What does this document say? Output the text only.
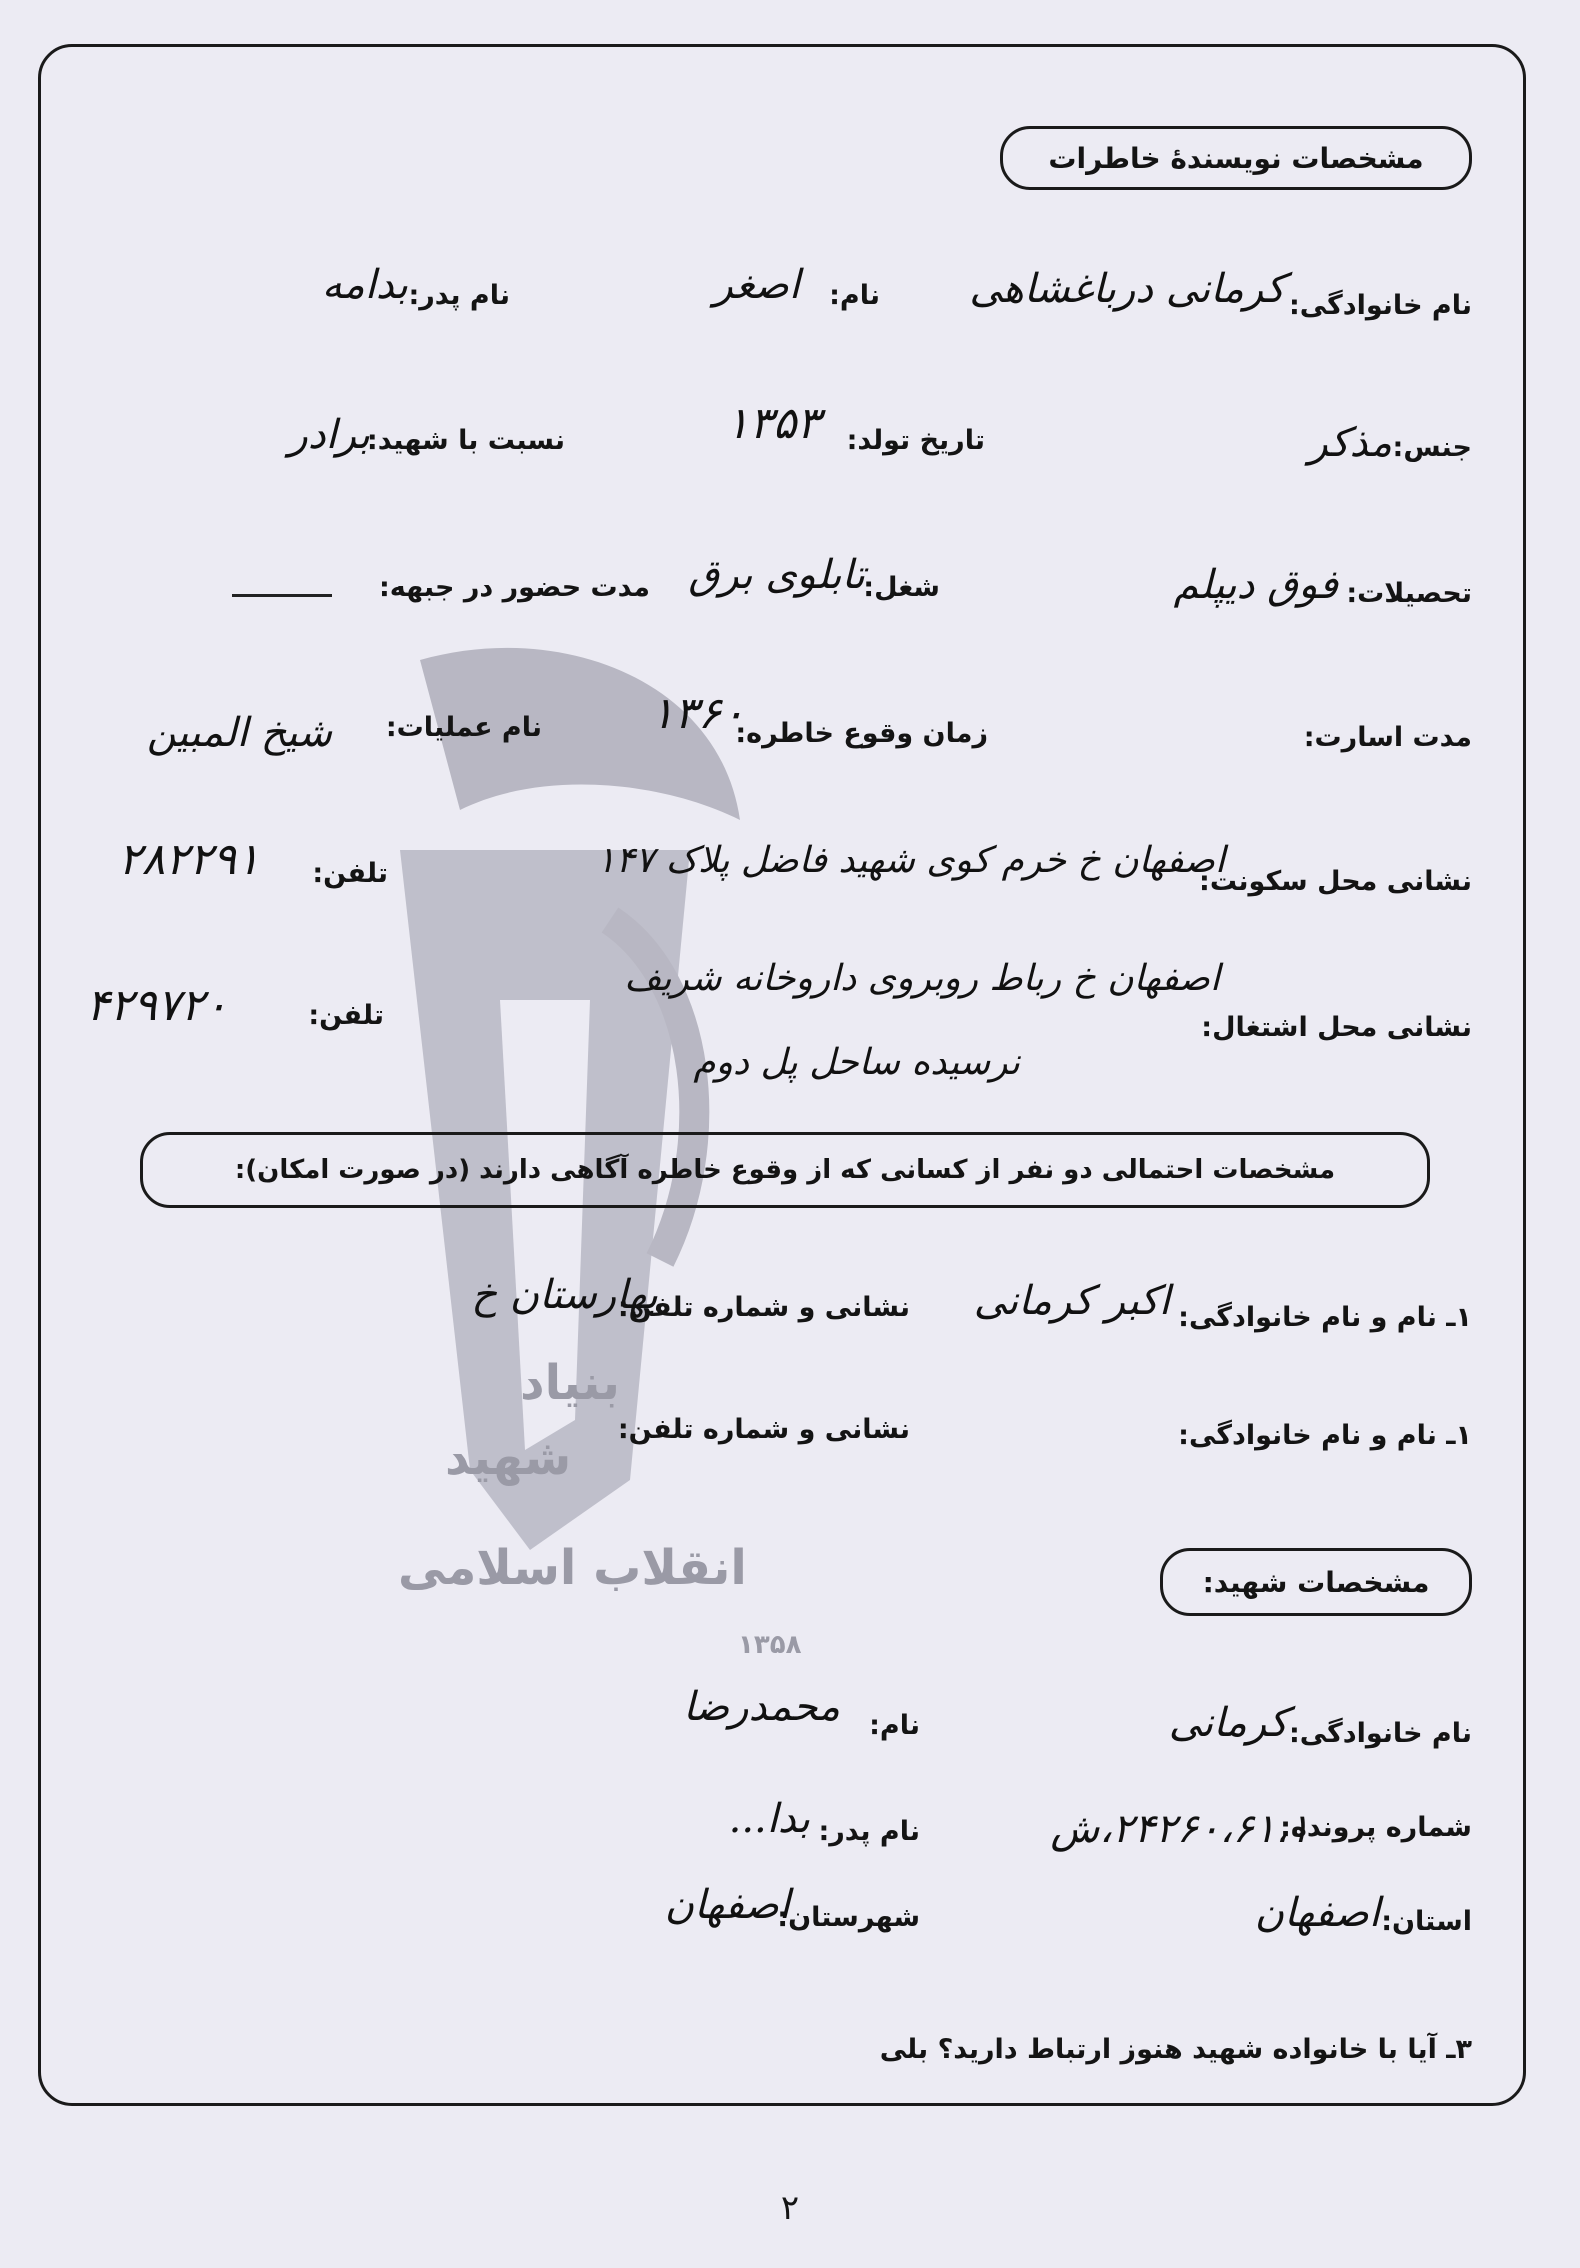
بنیاد
شهید
انقلاب اسلامی
۱۳۵۸
مشخصات نویسندهٔ خاطرات
نام خانوادگی:
کرمانی درباغشاهی
نام:
اصغر
نام پدر:
بدامه
جنس:
مذکر
تاریخ تولد:
۱۳۵۳
نسبت با شهید:
برادر
تحصیلات:
فوق دیپلم
شغل:
تابلوی برق
مدت حضور در جبهه:
مدت اسارت:
زمان وقوع خاطره:
۱۳۶۰
نام عملیات:
شیخ المبین
نشانی محل سکونت:
اصفهان خ خرم کوی شهید فاضل پلاک ۱۴۷
تلفن:
۲۸۲۲۹۱
نشانی محل اشتغال:
اصفهان خ رباط روبروی داروخانه شریف
نرسیده ساحل پل دوم
تلفن:
۴۲۹۷۲۰
مشخصات احتمالی دو نفر از کسانی که از وقوع خاطره آگاهی دارند (در صورت امکان):
۱ـ نام و نام خانوادگی:
اکبر کرمانی
نشانی و شماره تلفن:
بهارستان خ
۱ـ نام و نام خانوادگی:
نشانی و شماره تلفن:
مشخصات شهید:
نام خانوادگی:
کرمانی
نام:
محمدرضا
شماره پرونده:
۲۴۲۶۰،۶۱،۱،ش
نام پدر:
بدا...
استان:
اصفهان
شهرستان:
اصفهان
۳ـ آیا با خانواده شهید هنوز ارتباط دارید؟ بلی
۲
